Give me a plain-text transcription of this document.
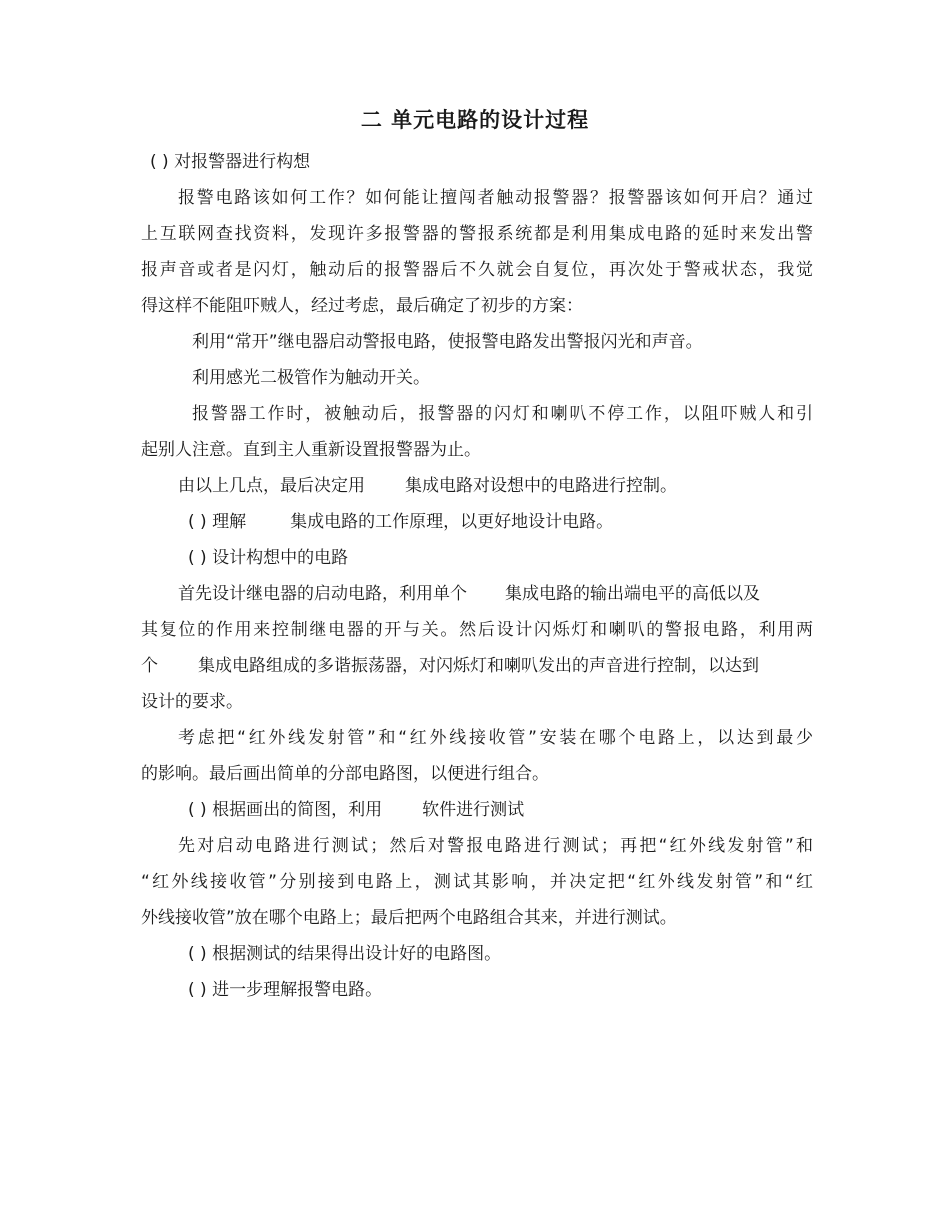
二 单元电路的设计过程
( ) 对报警器进行构想
报警电路该如何工作？如何能让擅闯者触动报警器？报警器该如何开启？通过
上互联网查找资料，发现许多报警器的警报系统都是利用集成电路的延时来发出警
报声音或者是闪灯，触动后的报警器后不久就会自复位，再次处于警戒状态，我觉
得这样不能阻吓贼人，经过考虑，最后确定了初步的方案：
利用“常开”继电器启动警报电路，使报警电路发出警报闪光和声音。
利用感光二极管作为触动开关。
报警器工作时，被触动后，报警器的闪灯和喇叭不停工作，以阻吓贼人和引
起别人注意。直到主人重新设置报警器为止。
由以上几点，最后决定用 集成电路对设想中的电路进行控制。
( ) 理解	集成电路的工作原理，以更好地设计电路。
( ) 设计构想中的电路
首先设计继电器的启动电路，利用单个 集成电路的输出端电平的高低以及
其复位的作用来控制继电器的开与关。然后设计闪烁灯和喇叭的警报电路，利用两
个 集成电路组成的多谐振荡器，对闪烁灯和喇叭发出的声音进行控制，以达到
设计的要求。
考虑把“红外线发射管”和“红外线接收管”安装在哪个电路上，以达到最少
的影响。最后画出简单的分部电路图，以便进行组合。
( ) 根据画出的简图，利用 软件进行测试
先对启动电路进行测试；然后对警报电路进行测试；再把“红外线发射管”和
“红外线接收管”分别接到电路上，测试其影响，并决定把“红外线发射管”和“红
外线接收管”放在哪个电路上；最后把两个电路组合其来，并进行测试。
( ) 根据测试的结果得出设计好的电路图。
( ) 进一步理解报警电路。
